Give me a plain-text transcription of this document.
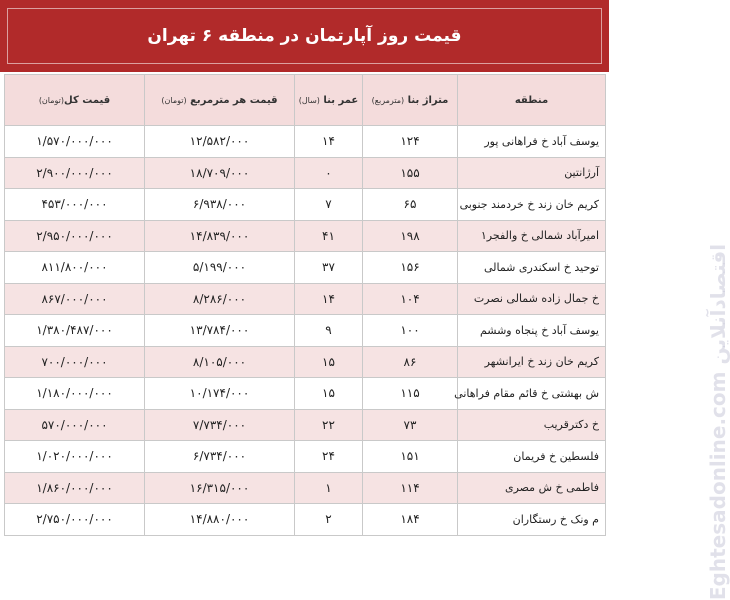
قیمت روز آپارتمان در منطقه ۶ تهران
منطقه	متراژ بنا (مترمربع)	عمر بنا (سال)	قیمت هر مترمربع (تومان)	قیمت کل(تومان)
یوسف آباد خ فراهانی پور	۱۲۴	۱۴	۱۲/۵۸۲/۰۰۰	۱/۵۷۰/۰۰۰/۰۰۰
آرژانتین	۱۵۵	۰	۱۸/۷۰۹/۰۰۰	۲/۹۰۰/۰۰۰/۰۰۰
کریم خان زند خ خردمند جنوبی	۶۵	۷	۶/۹۳۸/۰۰۰	۴۵۳/۰۰۰/۰۰۰
امیرآباد شمالی خ والفجر۱	۱۹۸	۴۱	۱۴/۸۳۹/۰۰۰	۲/۹۵۰/۰۰۰/۰۰۰
توحید خ اسکندری شمالی	۱۵۶	۳۷	۵/۱۹۹/۰۰۰	۸۱۱/۸۰۰/۰۰۰
خ جمال زاده شمالی نصرت	۱۰۴	۱۴	۸/۲۸۶/۰۰۰	۸۶۷/۰۰۰/۰۰۰
یوسف آباد خ پنجاه وششم	۱۰۰	۹	۱۳/۷۸۴/۰۰۰	۱/۳۸۰/۴۸۷/۰۰۰
کریم خان زند خ ایرانشهر	۸۶	۱۵	۸/۱۰۵/۰۰۰	۷۰۰/۰۰۰/۰۰۰
ش بهشتی خ قائم مقام فراهانی	۱۱۵	۱۵	۱۰/۱۷۴/۰۰۰	۱/۱۸۰/۰۰۰/۰۰۰
خ دکترقریب	۷۳	۲۲	۷/۷۳۴/۰۰۰	۵۷۰/۰۰۰/۰۰۰
فلسطین خ فریمان	۱۵۱	۲۴	۶/۷۳۴/۰۰۰	۱/۰۲۰/۰۰۰/۰۰۰
فاطمی خ ش مصری	۱۱۴	۱	۱۶/۳۱۵/۰۰۰	۱/۸۶۰/۰۰۰/۰۰۰
م ونک خ رستگاران	۱۸۴	۲	۱۴/۸۸۰/۰۰۰	۲/۷۵۰/۰۰۰/۰۰۰	Eghtesadonline.com اقتصادآنلاین
